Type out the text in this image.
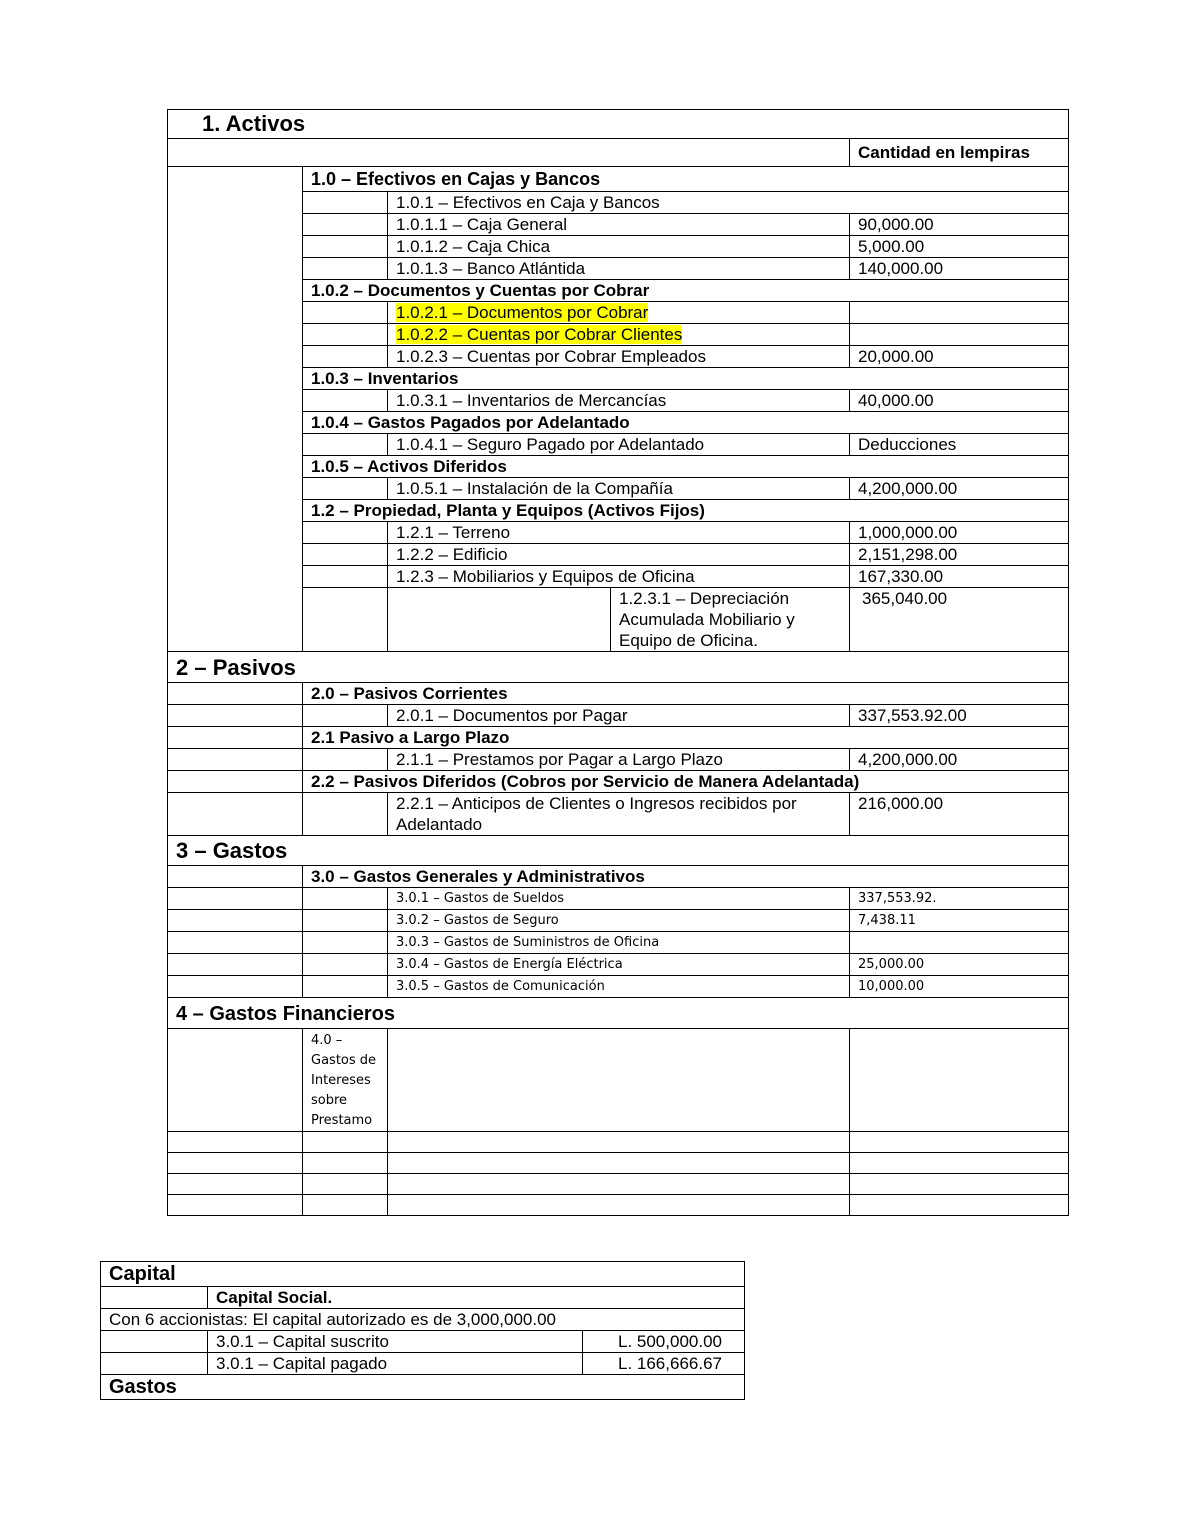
1. Activos				
				Cantidad en lempiras
	1.0 – Efectivos en Cajas y Bancos			
		1.0.1 – Efectivos en Caja y Bancos		
		1.0.1.1 – Caja General		90,000.00
		1.0.1.2 – Caja Chica		5,000.00
		1.0.1.3 – Banco Atlántida		140,000.00
	1.0.2 – Documentos y Cuentas por Cobrar			
		1.0.2.1 – Documentos por Cobrar		
		1.0.2.2 – Cuentas por Cobrar Clientes		
		1.0.2.3 – Cuentas por Cobrar Empleados		20,000.00
	1.0.3 – Inventarios			
		1.0.3.1 – Inventarios de Mercancías		40,000.00
	1.0.4 – Gastos Pagados por Adelantado			
		1.0.4.1 – Seguro Pagado por Adelantado		Deducciones
	1.0.5 – Activos Diferidos			
		1.0.5.1 – Instalación de la Compañía		4,200,000.00
	1.2 – Propiedad, Planta y Equipos (Activos Fijos)			
		1.2.1 – Terreno		1,000,000.00
		1.2.2 – Edificio		2,151,298.00
		1.2.3 – Mobiliarios y Equipos de Oficina		167,330.00
			1.2.3.1 – Depreciación Acumulada Mobiliario y Equipo de Oficina.	365,040.00
2 – Pasivos				
	2.0 – Pasivos Corrientes			
		2.0.1 – Documentos por Pagar		337,553.92.00
	2.1 Pasivo a Largo Plazo			
		2.1.1 – Prestamos por Pagar a Largo Plazo		4,200,000.00
	2.2 – Pasivos Diferidos (Cobros por Servicio de Manera Adelantada)			
		2.2.1 – Anticipos de Clientes o Ingresos recibidos por Adelantado		216,000.00
3 – Gastos				
	3.0 – Gastos Generales y Administrativos			
		3.0.1 – Gastos de Sueldos		337,553.92.
		3.0.2 – Gastos de Seguro		7,438.11
		3.0.3 – Gastos de Suministros de Oficina		
		3.0.4 – Gastos de Energía Eléctrica		25,000.00
		3.0.5 – Gastos de Comunicación		10,000.00
4 – Gastos Financieros				
	4.0 – Gastos de Intereses sobre Prestamo			

Capital		
	Capital Social.	
Con 6 accionistas: El capital autorizado es de 3,000,000.00		
	3.0.1 – Capital suscrito	L. 500,000.00
	3.0.1 – Capital pagado	L. 166,666.67
Gastos		
